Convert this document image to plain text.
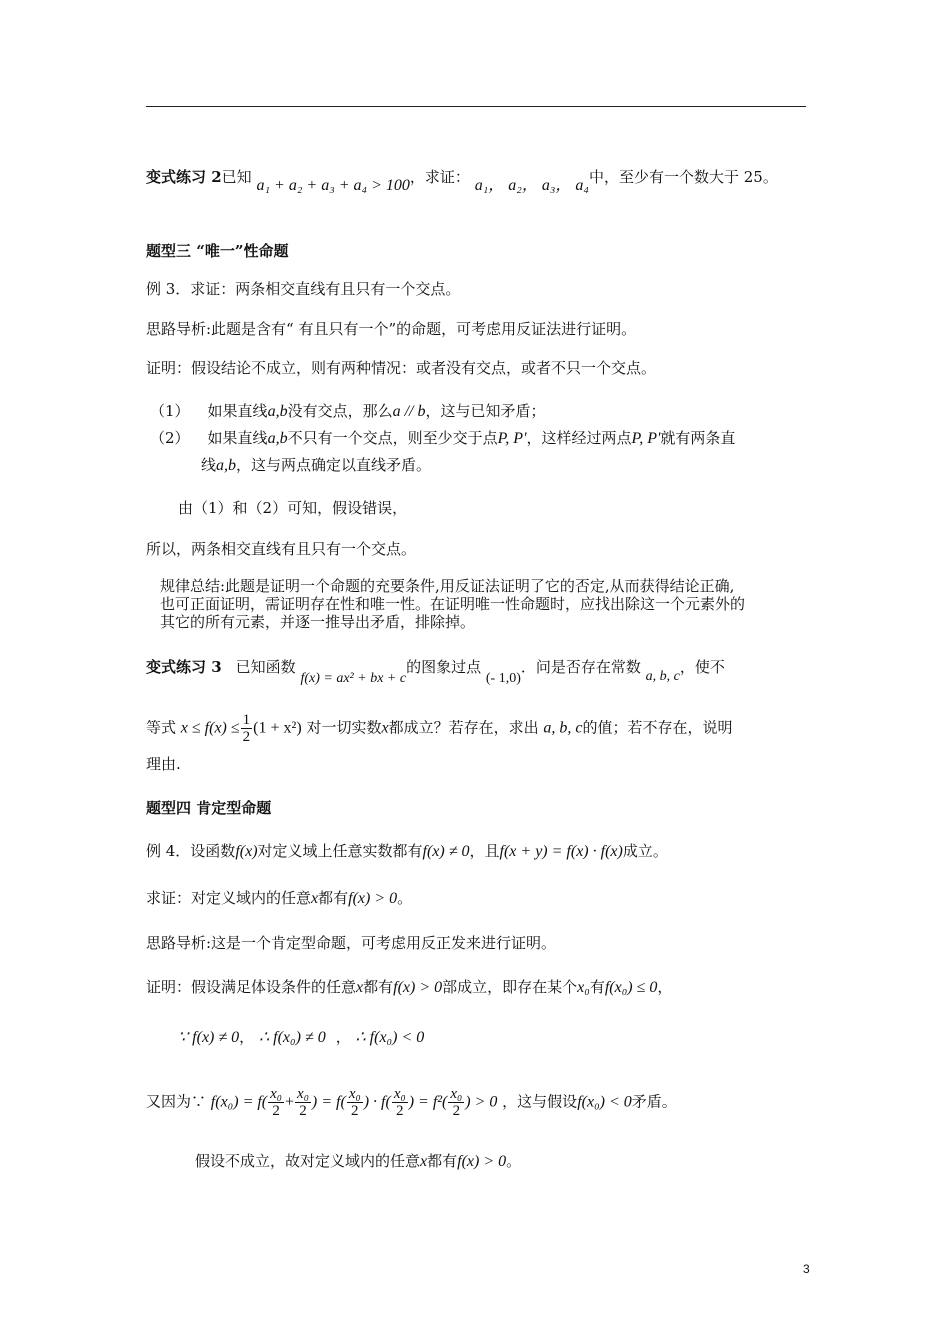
变式练习 2已知 a₁ + a₂ + a₃ + a₄ > 100，求证： a₁， a₂， a₃， a₄中，至少有一个数大于 25。
题型三 “唯一”性命题
例 3．求证：两条相交直线有且只有一个交点。
思路导析:此题是含有“ 有且只有一个”的命题，可考虑用反证法进行证明。
证明：假设结论不成立，则有两种情况：或者没有交点，或者不只一个交点。
（1） 如果直线a,b没有交点，那么a // b，这与已知矛盾；
（2） 如果直线a,b不只有一个交点，则至少交于点P, P'，这样经过两点P, P'就有两条直
线a,b，这与两点确定以直线矛盾。
由（1）和（2）可知，假设错误，
所以，两条相交直线有且只有一个交点。
规律总结:此题是证明一个命题的充要条件,用反证法证明了它的否定,从而获得结论正确,
也可正面证明，需证明存在性和唯一性。在证明唯一性命题时，应找出除这一个元素外的
其它的所有元素，并逐一推导出矛盾，排除掉。
变式练习 3 已知函数 f(x) = ax² + bx + c的图象过点 (- 1,0)．问是否存在常数 a, b, c，使不
等式 $x \le f(x) \le \frac{1}{2} (1 + x^2)$ 对一切实数x都成立？若存在，求出 a, b, c的值；若不存在，说明
理由.
题型四 肯定型命题
例 4．设函数f(x)对定义域上任意实数都有f(x) ≠ 0，且f(x + y) = f(x) · f(x)成立。
求证：对定义域内的任意x都有f(x) > 0。
思路导析:这是一个肯定型命题，可考虑用反正发来进行证明。
证明：假设满足体设条件的任意x都有f(x) > 0部成立，即存在某个x₀有f(x₀) ≤ 0，
∵ f(x) ≠ 0， ∴ f(x₀) ≠ 0 ， ∴ f(x₀) < 0
又因为∵ $f(x_0) = f( \frac{\text{x₀}}{2} + \frac{\text{x₀}}{2}$ ) = $f( \frac{\text{x₀}}{2}$ ) · $f( \frac{\text{x₀}}{2}$ ) = $f^2( \frac{\text{x₀}}{2}$ ) > 0 ，这与假设f(x₀) < 0矛盾。
假设不成立，故对定义域内的任意x都有f(x) > 0。
3
